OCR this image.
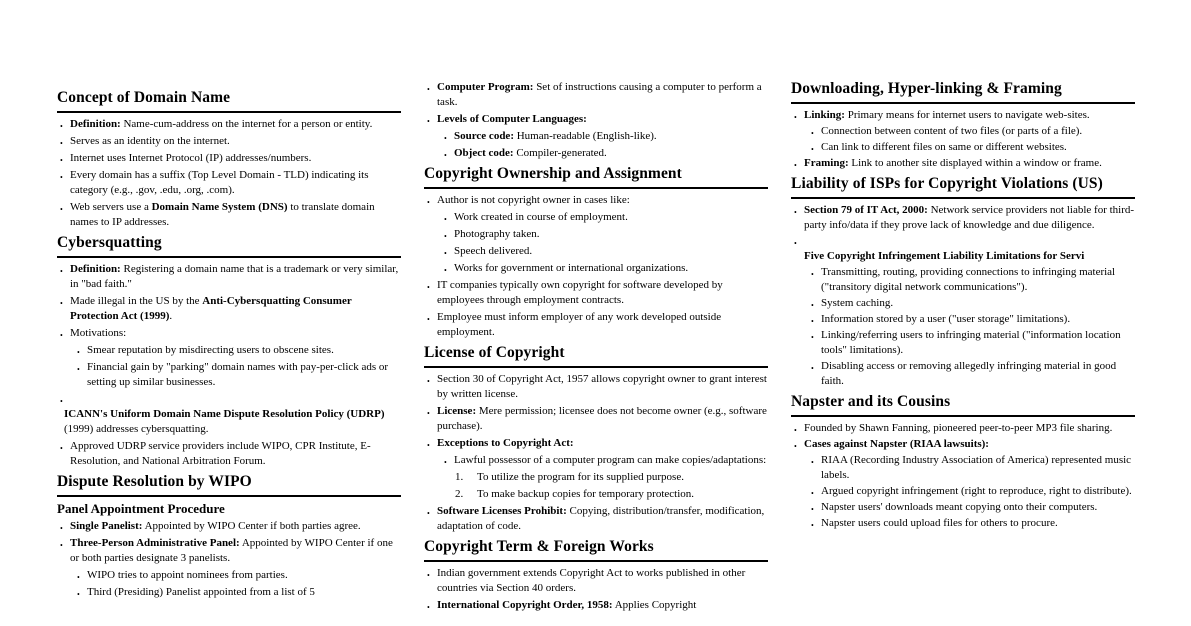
Concept of Domain Name
• Definition: Name-cum-address on the internet for a person or entity.
• Serves as an identity on the internet.
• Internet uses Internet Protocol (IP) addresses/numbers.
• Every domain has a suffix (Top Level Domain - TLD) indicating its category (e.g., .gov, .edu, .org, .com).
• Web servers use a Domain Name System (DNS) to translate domain names to IP addresses.
Cybersquatting
• Definition: Registering a domain name that is a trademark or very similar, in "bad faith."
• Made illegal in the US by the Anti-Cybersquatting Consumer Protection Act (1999).
• Motivations:
• Smear reputation by misdirecting users to obscene sites.
• Financial gain by "parking" domain names with pay-per-click ads or setting up similar businesses.
•
ICANN's Uniform Domain Name Dispute Resolution Policy (UDRP)
(1999) addresses cybersquatting.
• Approved UDRP service providers include WIPO, CPR Institute, E-Resolution, and National Arbitration Forum.
Dispute Resolution by WIPO
Panel Appointment Procedure
• Single Panelist: Appointed by WIPO Center if both parties agree.
• Three-Person Administrative Panel: Appointed by WIPO Center if one or both parties designate 3 panelists.
• WIPO tries to appoint nominees from parties.
• Third (Presiding) Panelist appointed from a list of 5
• Computer Program: Set of instructions causing a computer to perform a task.
• Levels of Computer Languages:
• Source code: Human-readable (English-like).
• Object code: Compiler-generated.
Copyright Ownership and Assignment
• Author is not copyright owner in cases like:
• Work created in course of employment.
• Photography taken.
• Speech delivered.
• Works for government or international organizations.
• IT companies typically own copyright for software developed by employees through employment contracts.
• Employee must inform employer of any work developed outside employment.
License of Copyright
• Section 30 of Copyright Act, 1957 allows copyright owner to grant interest by written license.
• License: Mere permission; licensee does not become owner (e.g., software purchase).
• Exceptions to Copyright Act:
• Lawful possessor of a computer program can make copies/adaptations:
1. To utilize the program for its supplied purpose.
2. To make backup copies for temporary protection.
• Software Licenses Prohibit: Copying, distribution/transfer, modification, adaptation of code.
Copyright Term & Foreign Works
• Indian government extends Copyright Act to works published in other countries via Section 40 orders.
• International Copyright Order, 1958: Applies Copyright
Downloading, Hyper-linking & Framing
• Linking: Primary means for internet users to navigate web-sites.
• Connection between content of two files (or parts of a file).
• Can link to different files on same or different websites.
• Framing: Link to another site displayed within a window or frame.
Liability of ISPs for Copyright Violations (US)
• Section 79 of IT Act, 2000: Network service providers not liable for third-party info/data if they prove lack of knowledge and due diligence.
•
Five Copyright Infringement Liability Limitations for Servi
• Transmitting, routing, providing connections to infringing material ("transitory digital network communications").
• System caching.
• Information stored by a user ("user storage" limitations).
• Linking/referring users to infringing material ("information location tools" limitations).
• Disabling access or removing allegedly infringing material in good faith.
Napster and its Cousins
• Founded by Shawn Fanning, pioneered peer-to-peer MP3 file sharing.
• Cases against Napster (RIAA lawsuits):
• RIAA (Recording Industry Association of America) represented music labels.
• Argued copyright infringement (right to reproduce, right to distribute).
• Napster users' downloads meant copying onto their computers.
• Napster users could upload files for others to procure.
